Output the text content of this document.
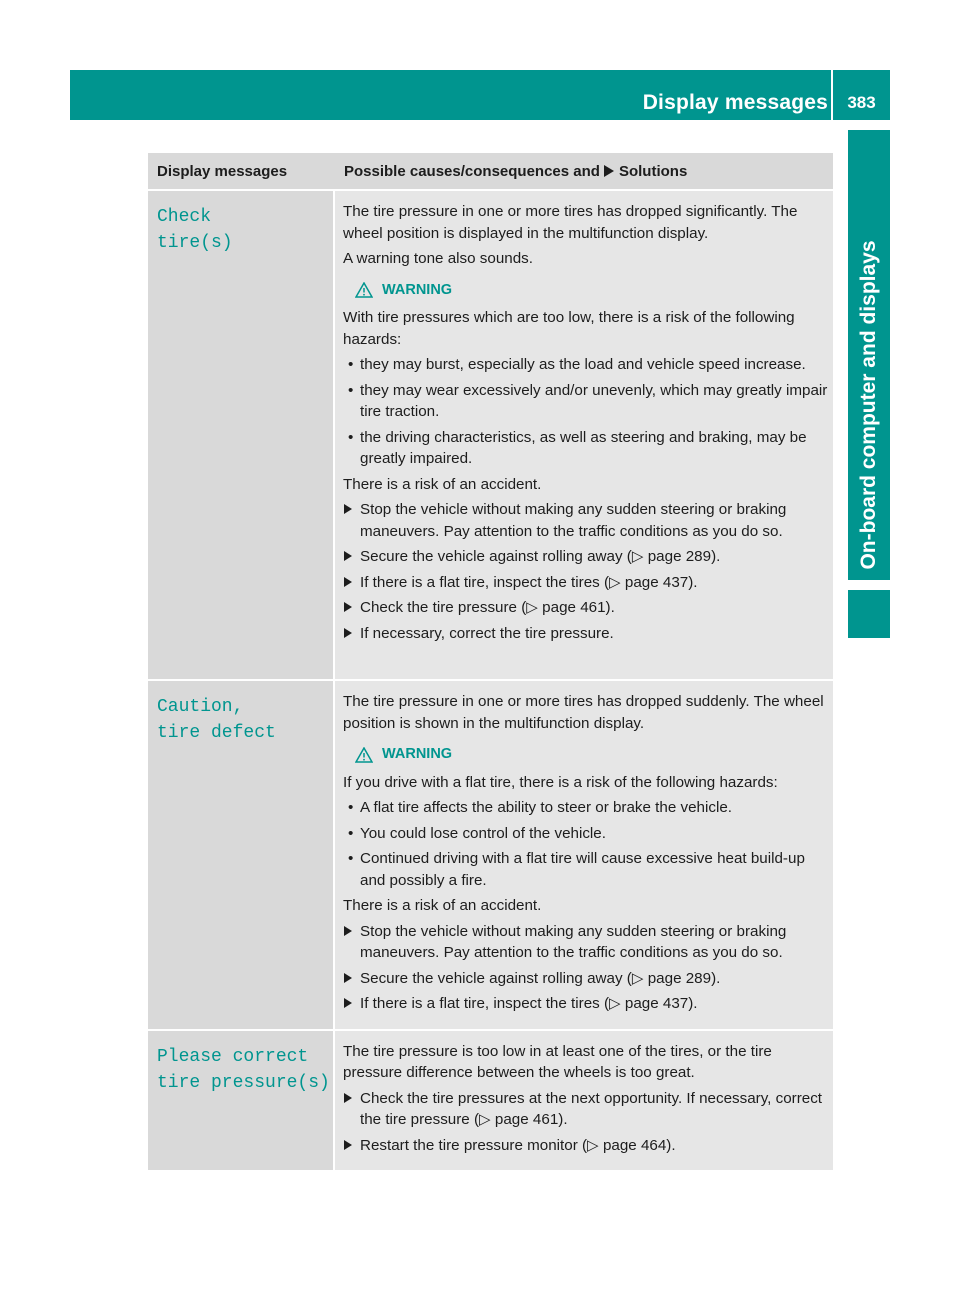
Display messages	383
On-board computer and displays
Display messages	Possible causes/consequences and Solutions
Check
tire(s)

The tire pressure in one or more tires has dropped significantly. The wheel position is displayed in the multifunction display.

A warning tone also sounds.

WARNING

With tire pressures which are too low, there is a risk of the following hazards:

• they may burst, especially as the load and vehicle speed increase.
• they may wear excessively and/or unevenly, which may greatly impair tire traction.
• the driving characteristics, as well as steering and braking, may be greatly impaired.

There is a risk of an accident.

Stop the vehicle without making any sudden steering or braking maneuvers. Pay attention to the traffic conditions as you do so.
Secure the vehicle against rolling away (▷ page 289).
If there is a flat tire, inspect the tires (▷ page 437).
Check the tire pressure (▷ page 461).
If necessary, correct the tire pressure.
Caution,
tire defect

The tire pressure in one or more tires has dropped suddenly. The wheel position is shown in the multifunction display.

WARNING

If you drive with a flat tire, there is a risk of the following hazards:

• A flat tire affects the ability to steer or brake the vehicle.
• You could lose control of the vehicle.
• Continued driving with a flat tire will cause excessive heat build-up and possibly a fire.

There is a risk of an accident.

Stop the vehicle without making any sudden steering or braking maneuvers. Pay attention to the traffic conditions as you do so.
Secure the vehicle against rolling away (▷ page 289).
If there is a flat tire, inspect the tires (▷ page 437).
Please correct
tire pressure(s)

The tire pressure is too low in at least one of the tires, or the tire pressure difference between the wheels is too great.

Check the tire pressures at the next opportunity. If necessary, correct the tire pressure (▷ page 461).
Restart the tire pressure monitor (▷ page 464).
